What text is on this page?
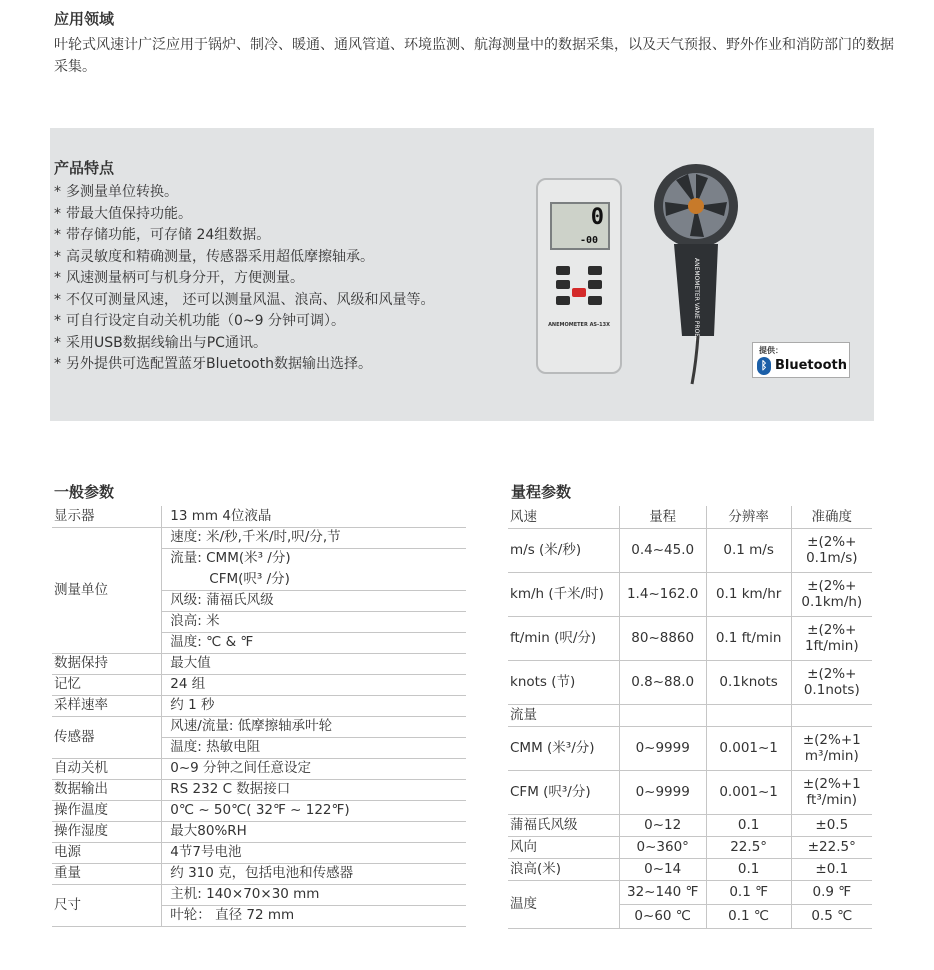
应用领域
叶轮式风速计广泛应用于锅炉、制冷、暖通、通风管道、环境监测、航海测量中的数据采集，以及天气预报、野外作业和消防部门的数据采集。
产品特点
* 多测量单位转换。
* 带最大值保持功能。
* 带存储功能，可存储 24组数据。
* 高灵敏度和精确测量，传感器采用超低摩擦轴承。
* 风速测量柄可与机身分开，方便测量。
* 不仅可测量风速， 还可以测量风温、浪高、风级和风量等。
* 可自行设定自动关机功能（0~9 分钟可调）。
* 采用USB数据线输出与PC通讯。
* 另外提供可选配置蓝牙Bluetooth数据输出选择。
0
-00
ANEMOMETER AS-13X	ANEMOMETER VANE PROBE
提供：
ᛒ Bluetooth
一般参数
显示器	13 mm 4位液晶
测量单位	速度: 米/秒,千米/时,呎/分,节
	流量: CMM(米³ /分)
	CFM(呎³ /分)
	风级: 蒲福氏风级
	浪高: 米
	温度: ℃ & ℉
数据保持	最大值
记忆	24 组
采样速率	约 1 秒
传感器	风速/流量: 低摩擦轴承叶轮
	温度: 热敏电阻
自动关机	0~9 分钟之间任意设定
数据输出	RS 232 C 数据接口
操作温度	0℃ ~ 50℃( 32℉ ~ 122℉)
操作湿度	最大80%RH
电源	4节7号电池
重量	约 310 克，包括电池和传感器
尺寸	主机: 140×70×30 mm
	叶轮： 直径 72 mm
量程参数
风速	量程	分辨率	准确度
m/s (米/秒)	0.4~45.0	0.1 m/s	±(2%+ 0.1m/s)
km/h (千米/时)	1.4~162.0	0.1 km/hr	±(2%+ 0.1km/h)
ft/min (呎/分)	80~8860	0.1 ft/min	±(2%+ 1ft/min)
knots (节)	0.8~88.0	0.1knots	±(2%+ 0.1nots)
流量			
CMM (米³/分)	0~9999	0.001~1	±(2%+1 m³/min)
CFM (呎³/分)	0~9999	0.001~1	±(2%+1 ft³/min)
蒲福氏风级	0~12	0.1	±0.5
风向	0~360°	22.5°	±22.5°
浪高(米)	0~14	0.1	±0.1
温度	32~140 ℉	0.1 ℉	0.9 ℉
	0~60 ℃	0.1 ℃	0.5 ℃
